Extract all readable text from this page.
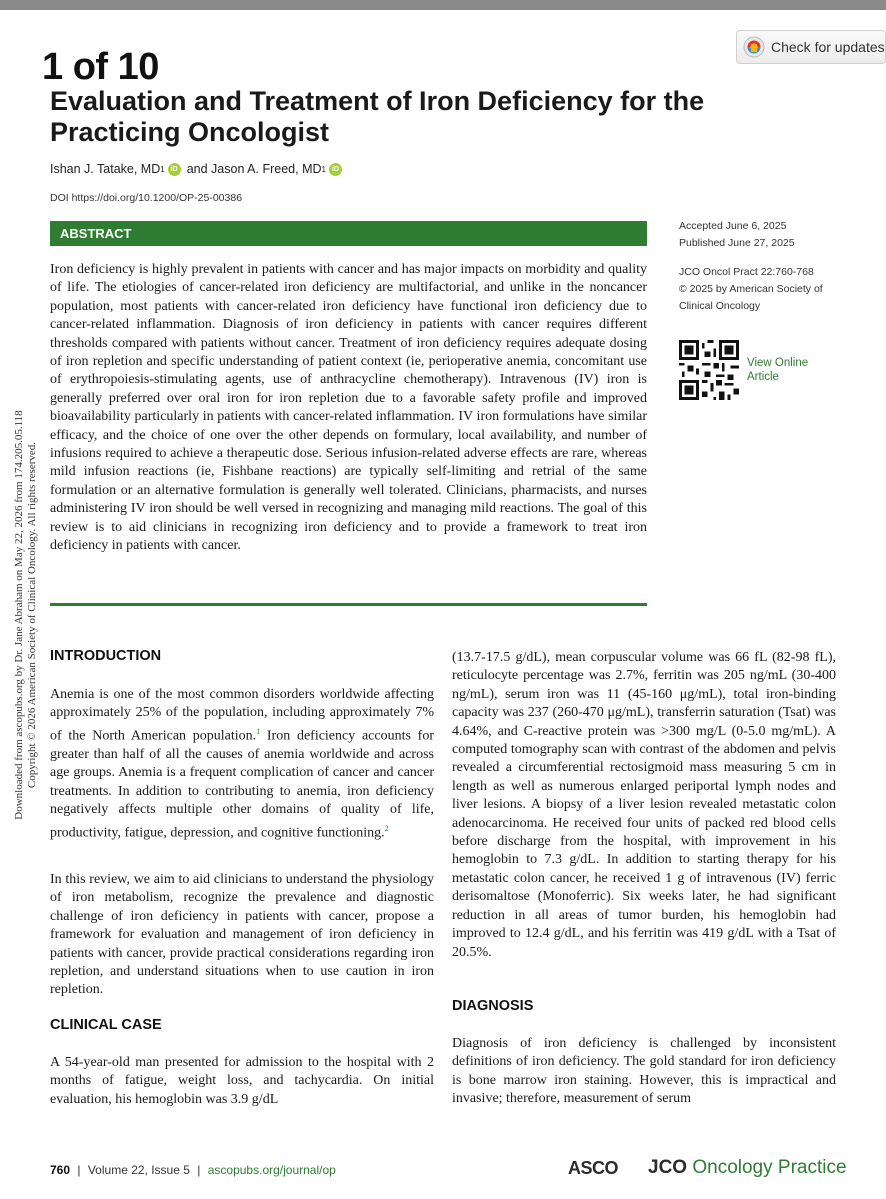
1 of 10	Check for updates
Downloaded from ascopubs.org by Dr. Jane Abraham on May 22, 2026 from 174.205.05.118 Copyright © 2026 American Society of Clinical Oncology. All rights reserved.
Evaluation and Treatment of Iron Deficiency for the Practicing Oncologist
Ishan J. Tatake, MD 1 iD and
Jason A. Freed, MD 1 iD
DOI https://doi.org/10.1200/OP-25-00386
Accepted June 6, 2025
Published June 27, 2025
JCO Oncol Pract 22:760-768
© 2025 by American Society of Clinical Oncology
View Online Article
ABSTRACT
Iron deficiency is highly prevalent in patients with cancer and has major impacts on morbidity and quality of life. The etiologies of cancer-related iron deficiency are multifactorial, and unlike in the noncancer population, most patients with cancer-related iron deficiency have functional iron deficiency due to cancer-related inflammation. Diagnosis of iron deficiency in patients with cancer requires different thresholds compared with patients without cancer. Treatment of iron deficiency requires adequate dosing of iron repletion and specific understanding of patient context (ie, perioperative anemia, concomitant use of erythropoiesis-stimulating agents, use of anthracycline chemotherapy). Intravenous (IV) iron is generally preferred over oral iron for iron repletion due to a favorable safety profile and improved bioavailability particularly in patients with cancer-related inflammation. IV iron formulations have similar efficacy, and the choice of one over the other depends on formulary, local availability, and number of infusions required to achieve a therapeutic dose. Serious infusion-related adverse effects are rare, whereas mild infusion reactions (ie, Fishbane reactions) are typically self-limiting and retrial of the same formulation or an alternative formulation is generally well tolerated. Clinicians, pharmacists, and nurses administering IV iron should be well versed in recognizing and managing mild reactions. The goal of this review is to aid clinicians in recognizing iron deficiency and to provide a framework to treat iron deficiency in patients with cancer.
INTRODUCTION

Anemia is one of the most common disorders worldwide affecting approximately 25% of the population, including approximately 7% of the North American population.$^1$ Iron deficiency accounts for greater than half of all the causes of anemia worldwide and across age groups. Anemia is a frequent complication of cancer and cancer treatments. In addition to contributing to anemia, iron deficiency negatively affects multiple other domains of quality of life, productivity, fatigue, depression, and cognitive functioning.$^2$

In this review, we aim to aid clinicians to understand the physiology of iron metabolism, recognize the prevalence and diagnostic challenge of iron deficiency in patients with cancer, propose a framework for evaluation and management of iron deficiency in patients with cancer, provide practical considerations regarding iron repletion, and understand situations when to use caution in iron repletion.

CLINICAL CASE

A 54-year-old man presented for admission to the hospital with 2 months of fatigue, weight loss, and tachycardia. On initial evaluation, his hemoglobin was 3.9 g/dL

(13.7-17.5 g/dL), mean corpuscular volume was 66 fL (82-98 fL), reticulocyte percentage was 2.7%, ferritin was 205 ng/mL (30-400 ng/mL), serum iron was 11 (45-160 μg/mL), total iron-binding capacity was 237 (260-470 μg/mL), transferrin saturation (Tsat) was 4.64%, and C-reactive protein was >300 mg/L (0-5.0 mg/mL). A computed tomography scan with contrast of the abdomen and pelvis revealed a circumferential rectosigmoid mass measuring 5 cm in length as well as numerous enlarged periportal lymph nodes and liver lesions. A biopsy of a liver lesion revealed metastatic colon adenocarcinoma. He received four units of packed red blood cells before discharge from the hospital, with improvement in his hemoglobin to 7.3 g/dL. In addition to starting therapy for his metastatic colon cancer, he received 1 g of intravenous (IV) ferric derisomaltose (Monoferric). Six weeks later, he had significant reduction in all areas of tumor burden, his hemoglobin had improved to 12.4 g/dL, and his ferritin was 419 g/dL with a Tsat of 20.5%.

DIAGNOSIS

Diagnosis of iron deficiency is challenged by inconsistent definitions of iron deficiency. The gold standard for iron deficiency is bone marrow iron staining. However, this is impractical and invasive; therefore, measurement of serum

760 | Volume 22, Issue 5 | ascopubs.org/journal/op	ASCO JCO Oncology Practice
